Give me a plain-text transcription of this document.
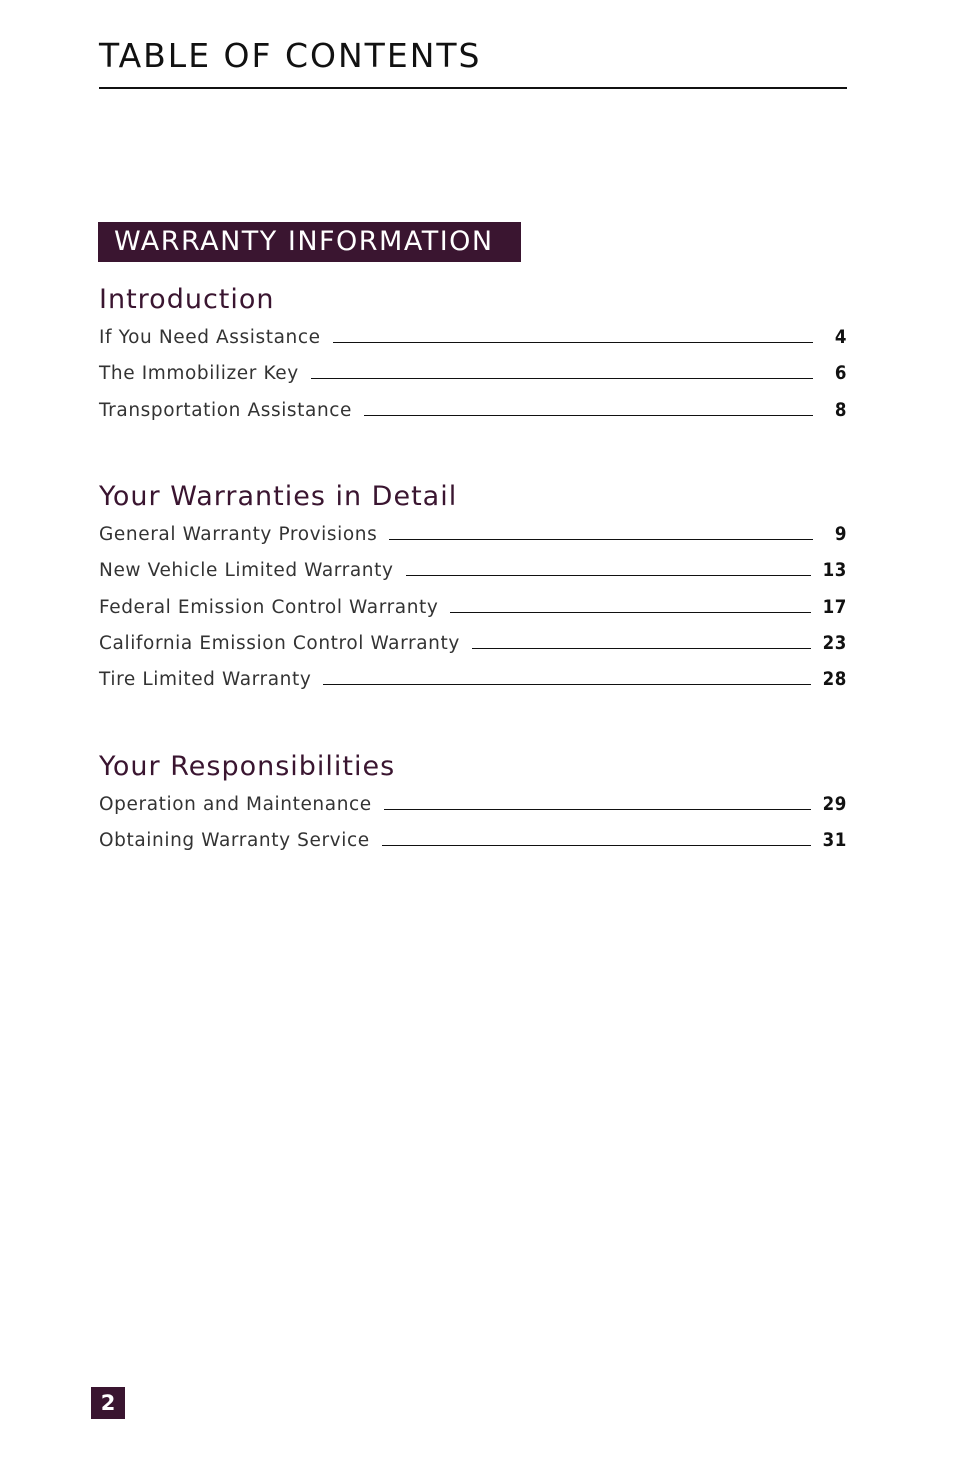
TABLE OF CONTENTS
WARRANTY INFORMATION
Introduction
If You Need Assistance	4
The Immobilizer Key	6
Transportation Assistance	8
Your Warranties in Detail
General Warranty Provisions	9
New Vehicle Limited Warranty	13
Federal Emission Control Warranty	17
California Emission Control Warranty	23
Tire Limited Warranty	28
Your Responsibilities
Operation and Maintenance	29
Obtaining Warranty Service	31
2
